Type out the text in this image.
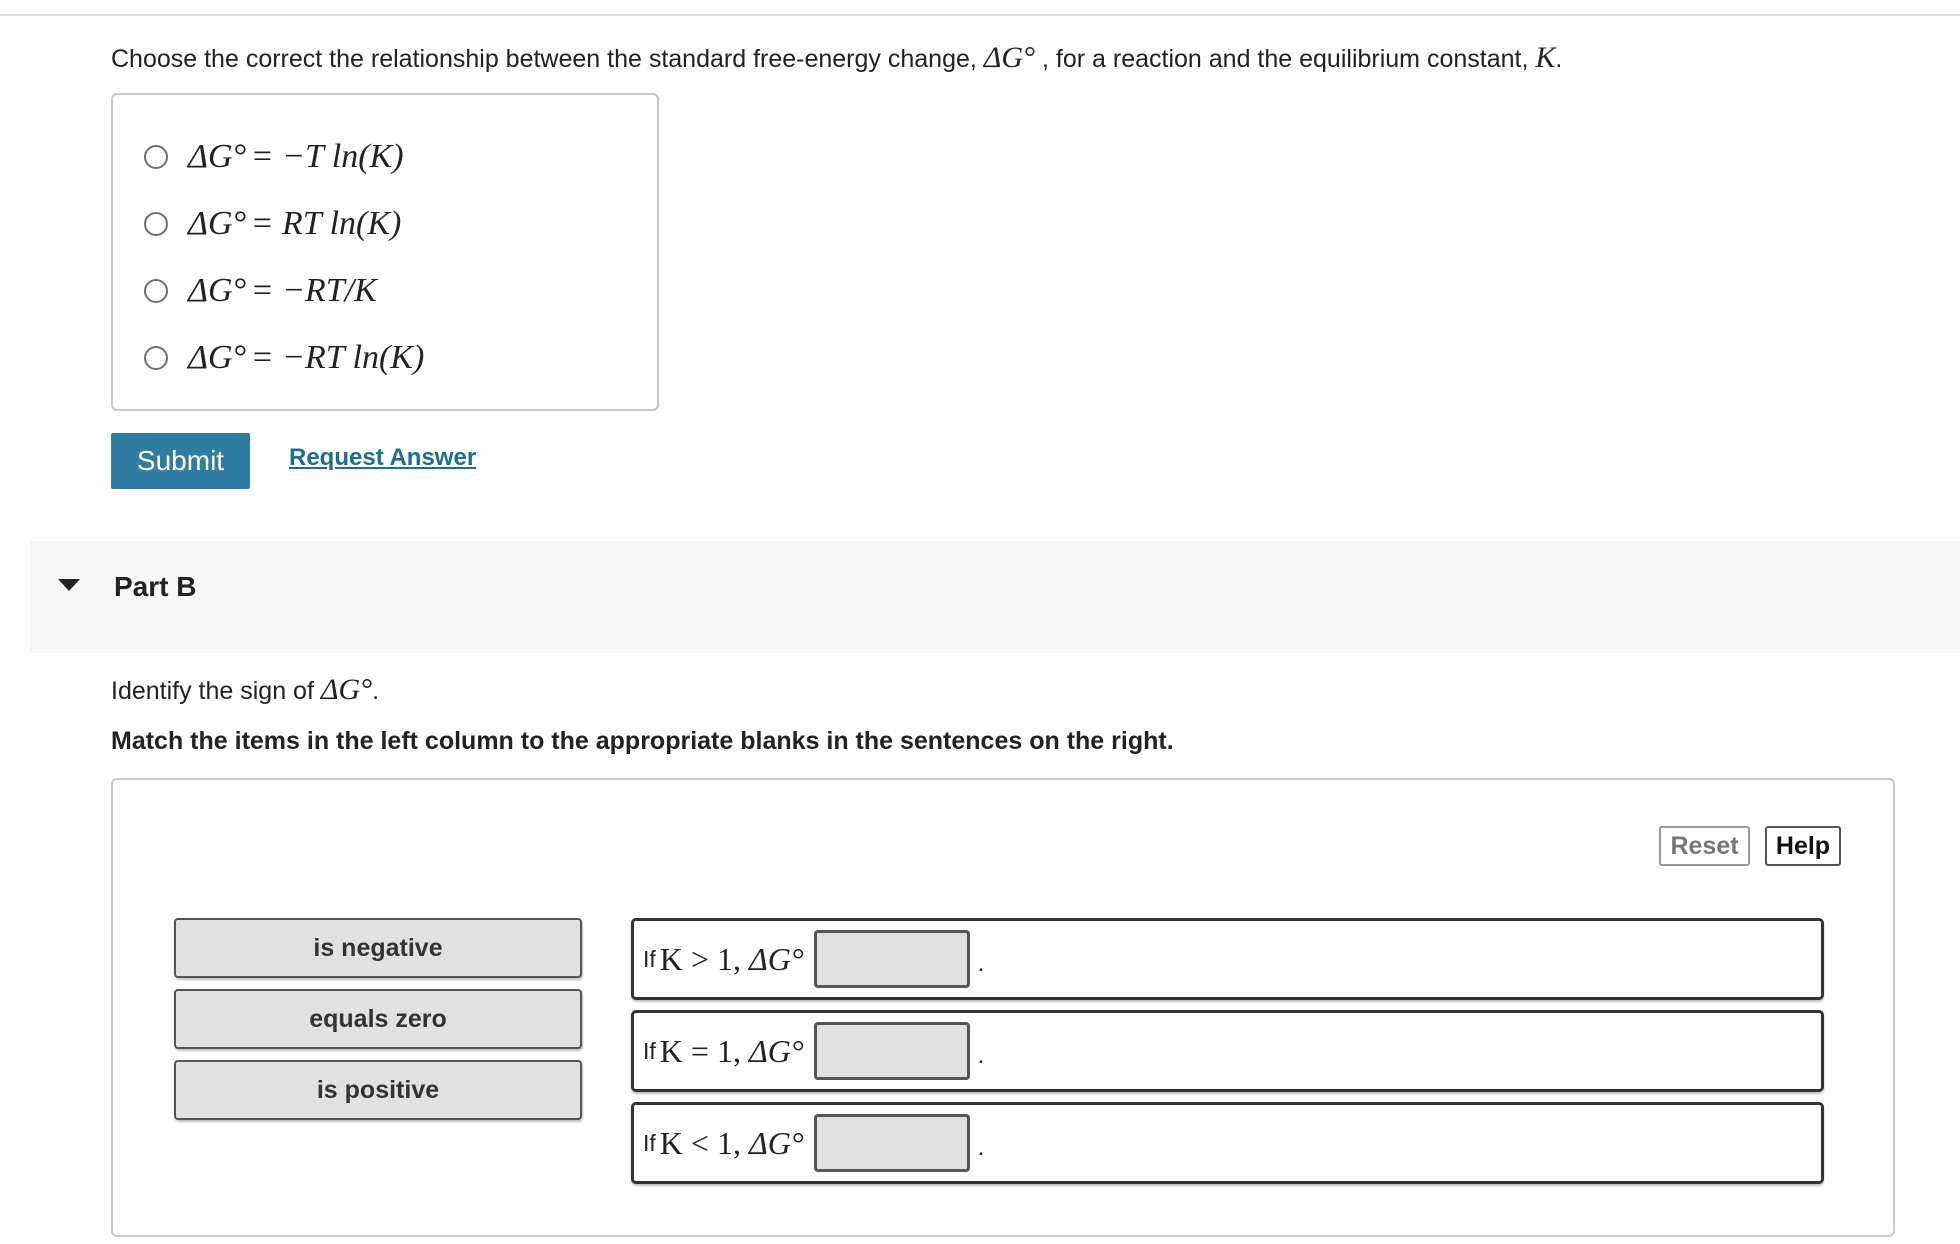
Choose the correct the relationship between the standard free-energy change, ΔG° , for a reaction and the equilibrium constant, K.
ΔG°
= −T ln(K)
ΔG°
= RT ln(K)
ΔG°
= −RT/K
ΔG°
= −RT ln(K)
Submit	Request Answer
Part B
Identify the sign of ΔG°.
Match the items in the left column to the appropriate blanks in the sentences on the right.
Reset	Help
is negative
equals zero
is positive
If K > 1, ΔG°	.
If K = 1, ΔG°	.
If K < 1, ΔG°	.
